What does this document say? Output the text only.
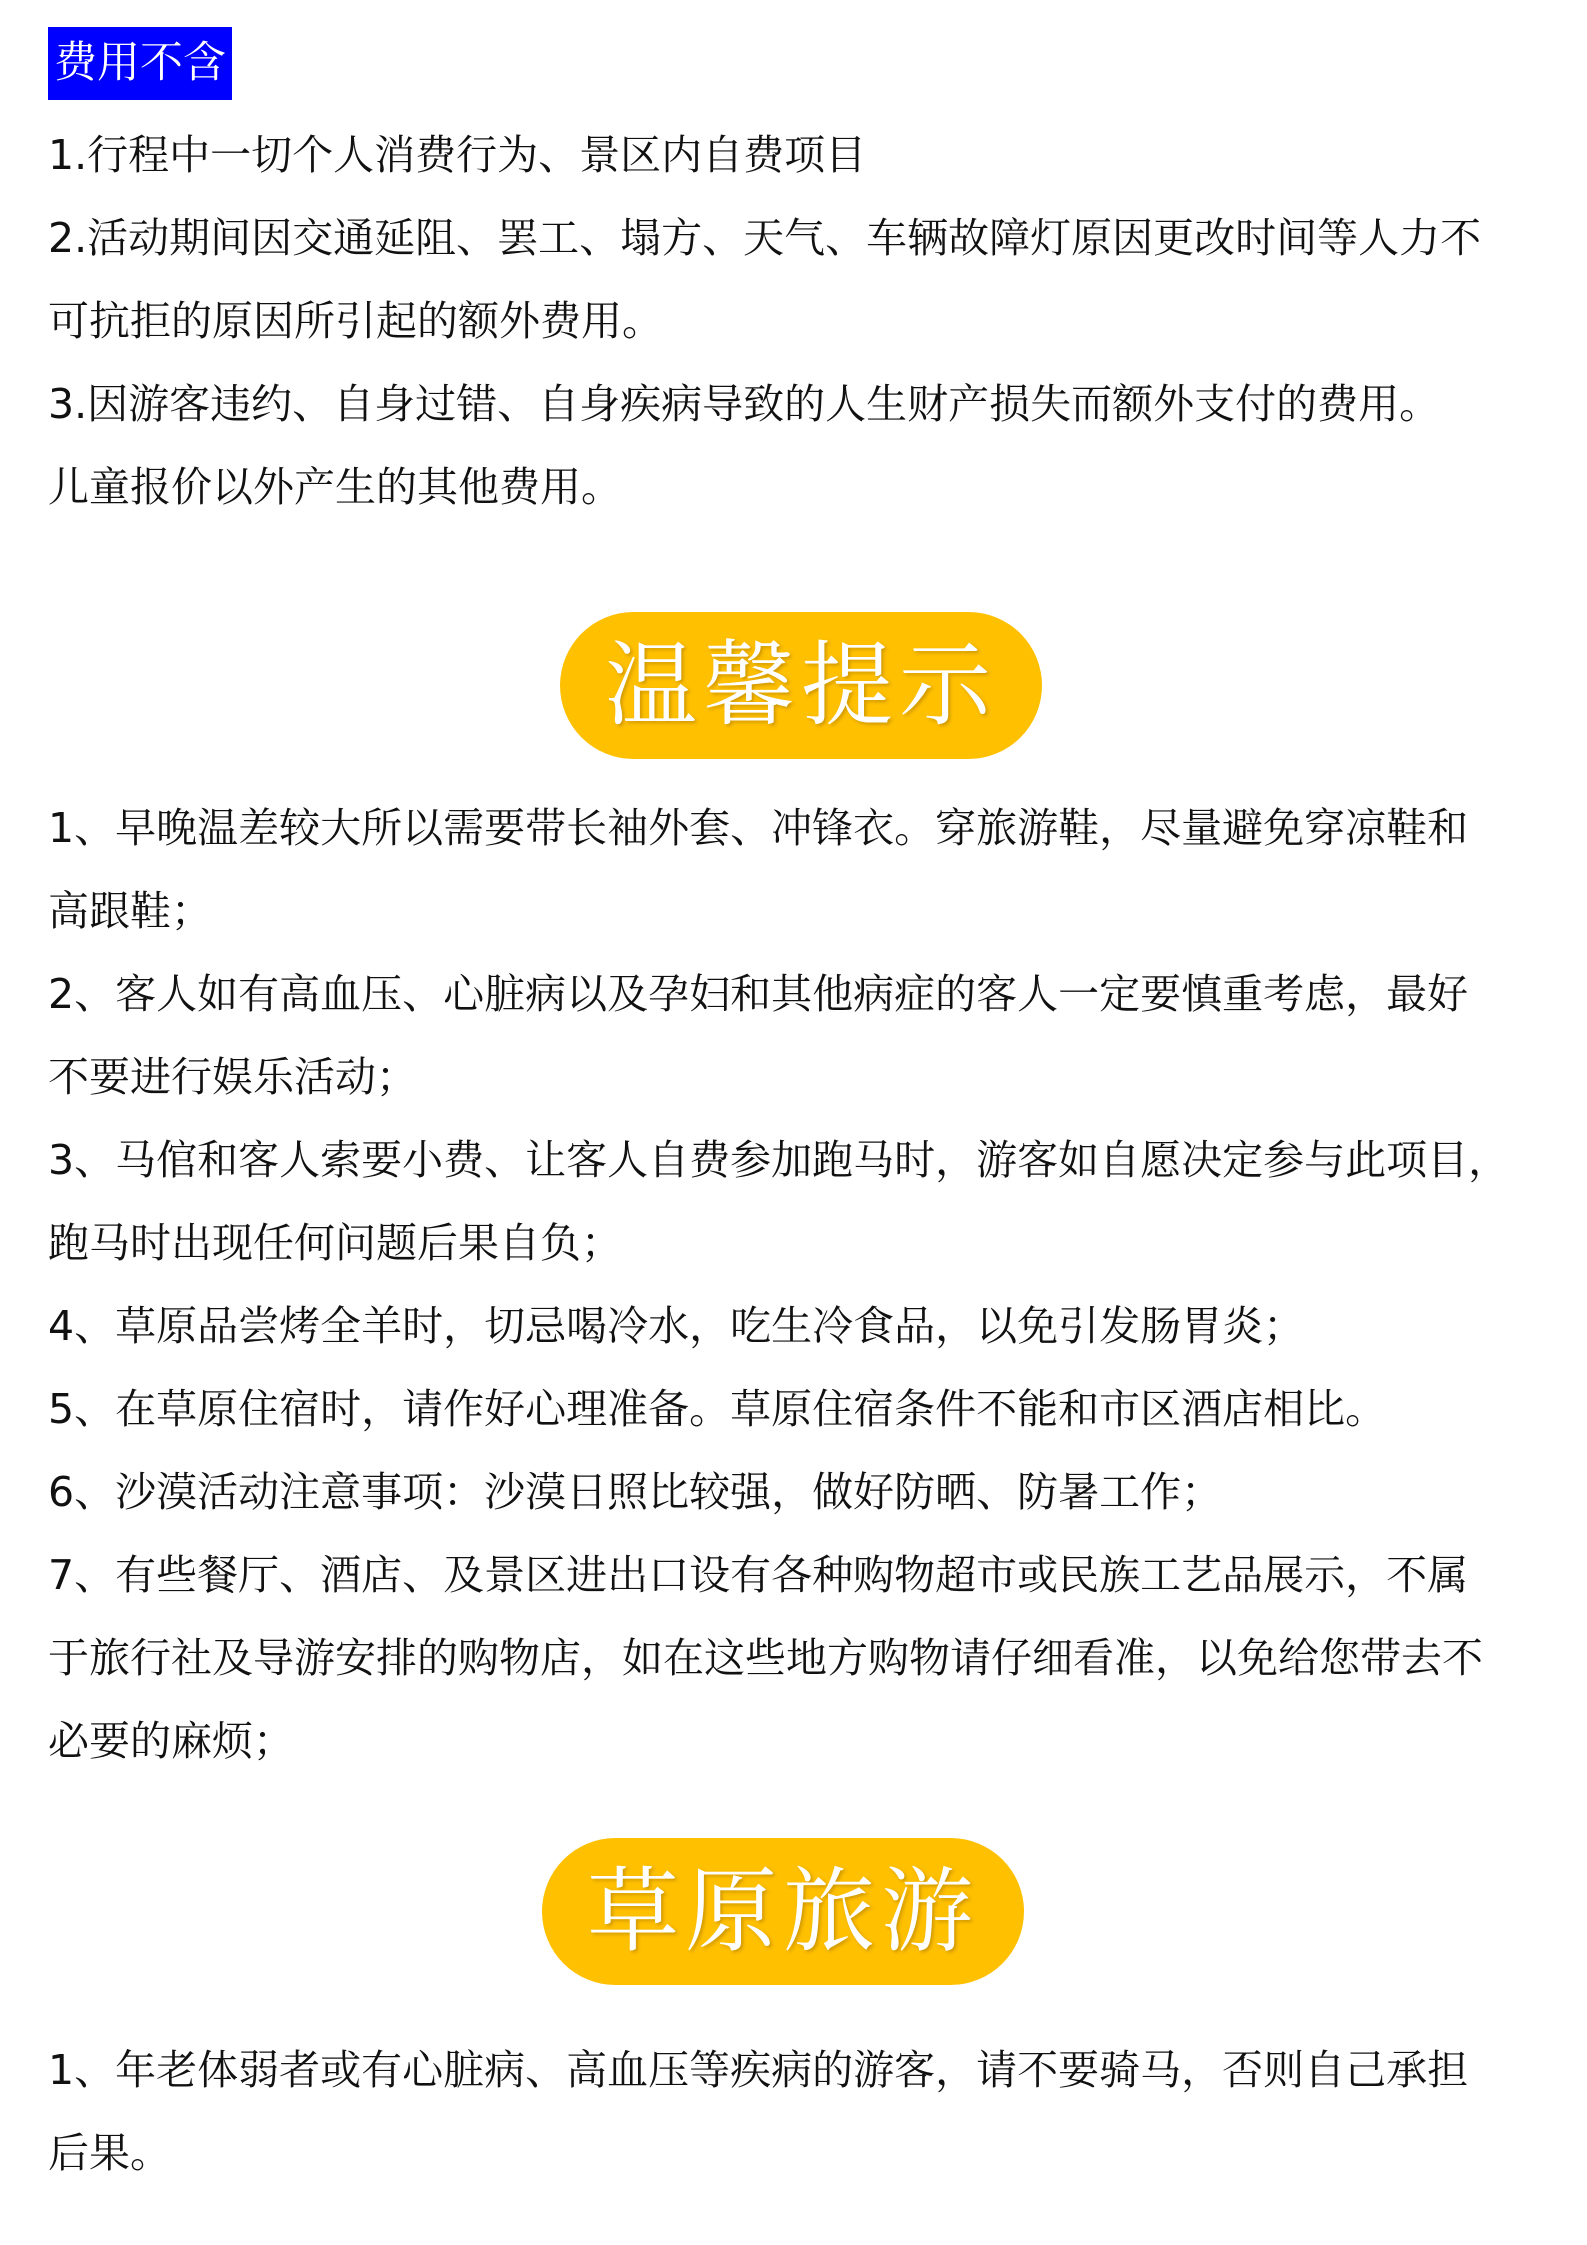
费用不含

1.行程中一切个人消费行为、景区内自费项目

2.活动期间因交通延阻、罢工、塌方、天气、车辆故障灯原因更改时间等人力不

可抗拒的原因所引起的额外费用。

3.因游客违约、自身过错、自身疾病导致的人生财产损失而额外支付的费用。

儿童报价以外产生的其他费用。

温馨提示

1、早晚温差较大所以需要带长袖外套、冲锋衣。穿旅游鞋，尽量避免穿凉鞋和

高跟鞋；

2、客人如有高血压、心脏病以及孕妇和其他病症的客人一定要慎重考虑，最好

不要进行娱乐活动；

3、马倌和客人索要小费、让客人自费参加跑马时，游客如自愿决定参与此项目，

跑马时出现任何问题后果自负；

4、草原品尝烤全羊时，切忌喝冷水，吃生冷食品，以免引发肠胃炎；

5、在草原住宿时，请作好心理准备。草原住宿条件不能和市区酒店相比。

6、沙漠活动注意事项：沙漠日照比较强，做好防晒、防暑工作；

7、有些餐厅、酒店、及景区进出口设有各种购物超市或民族工艺品展示，不属

于旅行社及导游安排的购物店，如在这些地方购物请仔细看准，以免给您带去不

必要的麻烦；

草原旅游

1、年老体弱者或有心脏病、高血压等疾病的游客，请不要骑马，否则自己承担

后果。
